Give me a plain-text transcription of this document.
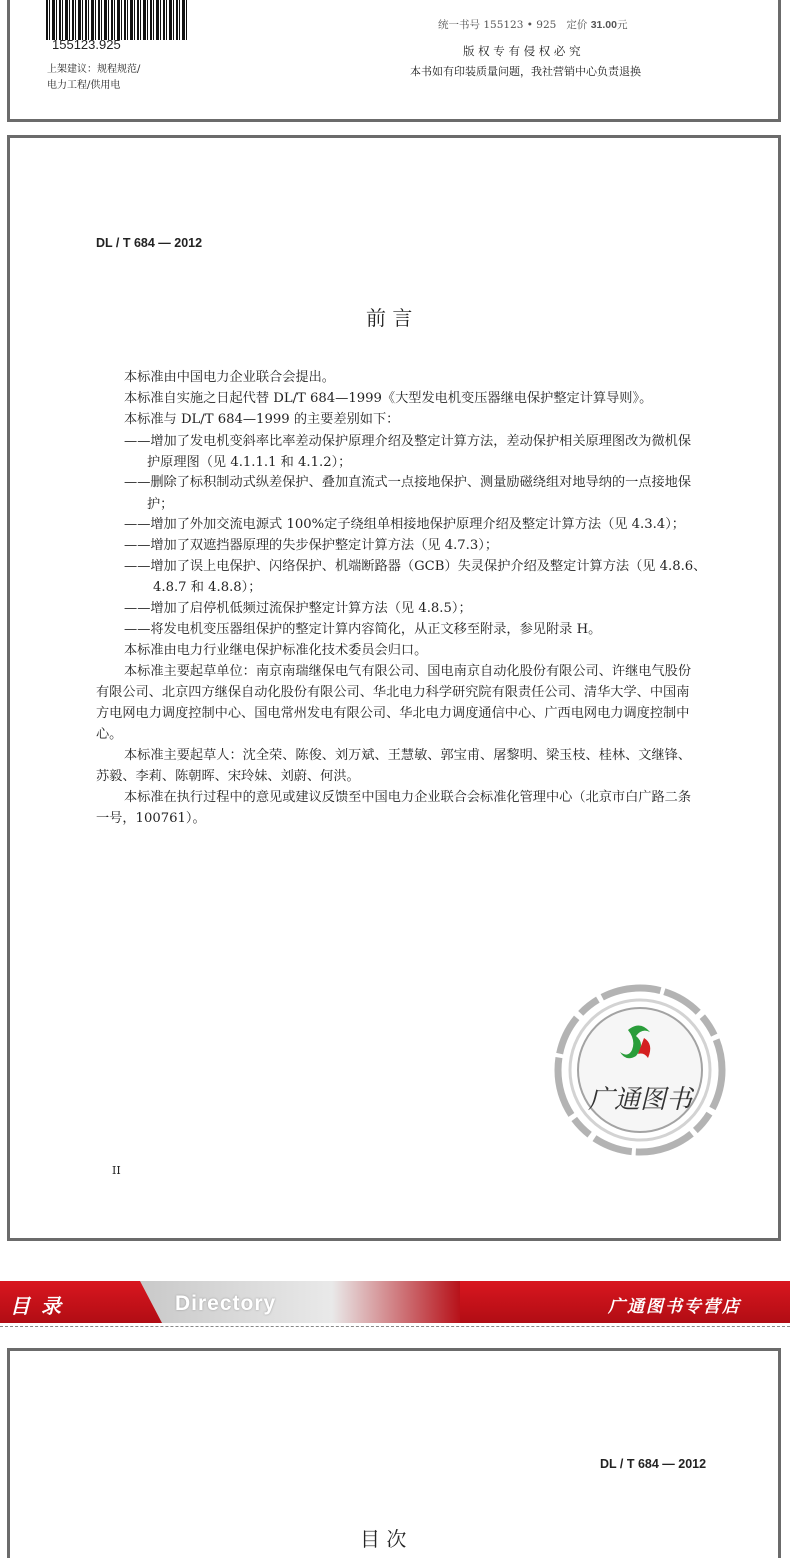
155123.925
上架建议：规程规范/
电力工程/供用电
统一书号 155123 • 925 定价 31.00元
版 权 专 有 侵 权 必 究
本书如有印装质量问题，我社营销中心负责退换
DL / T 684 — 2012
前 言
本标准由中国电力企业联合会提出。
本标准自实施之日起代替 DL/T 684—1999《大型发电机变压器继电保护整定计算导则》。
本标准与 DL/T 684—1999 的主要差别如下：
——增加了发电机变斜率比率差动保护原理介绍及整定计算方法，差动保护相关原理图改为微机保
护原理图（见 4.1.1.1 和 4.1.2）；
——删除了标积制动式纵差保护、叠加直流式一点接地保护、测量励磁绕组对地导纳的一点接地保
护；
——增加了外加交流电源式 100%定子绕组单相接地保护原理介绍及整定计算方法（见 4.3.4）；
——增加了双遮挡器原理的失步保护整定计算方法（见 4.7.3）；
——增加了误上电保护、闪络保护、机端断路器（GCB）失灵保护介绍及整定计算方法（见 4.8.6、
4.8.7 和 4.8.8）；
——增加了启停机低频过流保护整定计算方法（见 4.8.5）；
——将发电机变压器组保护的整定计算内容简化，从正文移至附录，参见附录 H。
本标准由电力行业继电保护标准化技术委员会归口。
本标准主要起草单位：南京南瑞继保电气有限公司、国电南京自动化股份有限公司、许继电气股份
有限公司、北京四方继保自动化股份有限公司、华北电力科学研究院有限责任公司、清华大学、中国南
方电网电力调度控制中心、国电常州发电有限公司、华北电力调度通信中心、广西电网电力调度控制中
心。
本标准主要起草人：沈全荣、陈俊、刘万斌、王慧敏、郭宝甫、屠黎明、梁玉枝、桂林、文继锋、
苏毅、李莉、陈朝晖、宋玲妹、刘蔚、何洪。
本标准在执行过程中的意见或建议反馈至中国电力企业联合会标准化管理中心（北京市白广路二条
一号，100761）。
广通图书
II
目 录	Directory	广通图书专营店
DL / T 684 — 2012
目 次
